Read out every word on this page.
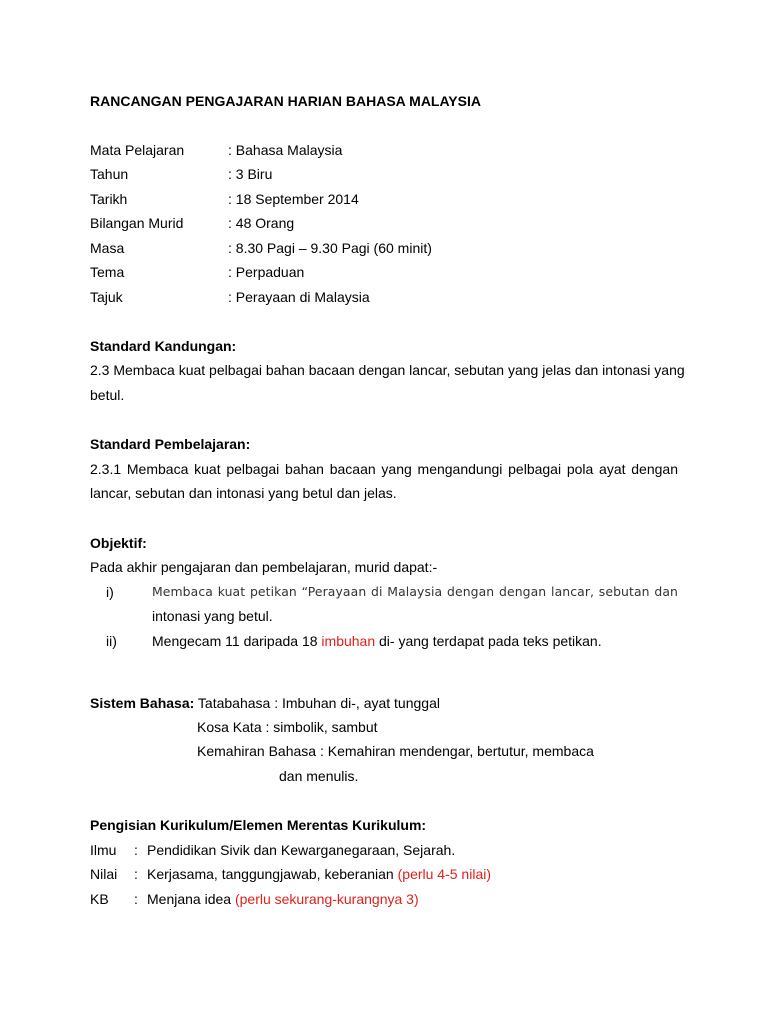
RANCANGAN PENGAJARAN HARIAN BAHASA MALAYSIA
Mata Pelajaran	: Bahasa Malaysia
Tahun	: 3 Biru
Tarikh	: 18 September 2014
Bilangan Murid	: 48 Orang
Masa	: 8.30 Pagi – 9.30 Pagi (60 minit)
Tema	: Perpaduan
Tajuk	: Perayaan di Malaysia
Standard Kandungan:
2.3 Membaca kuat pelbagai bahan bacaan dengan lancar, sebutan yang jelas dan intonasi yang
betul.
Standard Pembelajaran:
2.3.1 Membaca kuat pelbagai bahan bacaan yang mengandungi pelbagai pola ayat dengan
lancar, sebutan dan intonasi yang betul dan jelas.
Objektif:
Pada akhir pengajaran dan pembelajaran, murid dapat:-
i)	Membaca kuat petikan “Perayaan di Malaysia dengan dengan lancar, sebutan dan
intonasi yang betul.
ii)	Mengecam 11 daripada 18 imbuhan di- yang terdapat pada teks petikan.
Sistem Bahasa: Tatabahasa : Imbuhan di-, ayat tunggal
Kosa Kata : simbolik, sambut
Kemahiran Bahasa : Kemahiran mendengar, bertutur, membaca
dan menulis.
Pengisian Kurikulum/Elemen Merentas Kurikulum:
Ilmu : Pendidikan Sivik dan Kewarganegaraan, Sejarah.
Nilai : Kerjasama, tanggungjawab, keberanian (perlu 4-5 nilai)
KB : Menjana idea (perlu sekurang-kurangnya 3)
